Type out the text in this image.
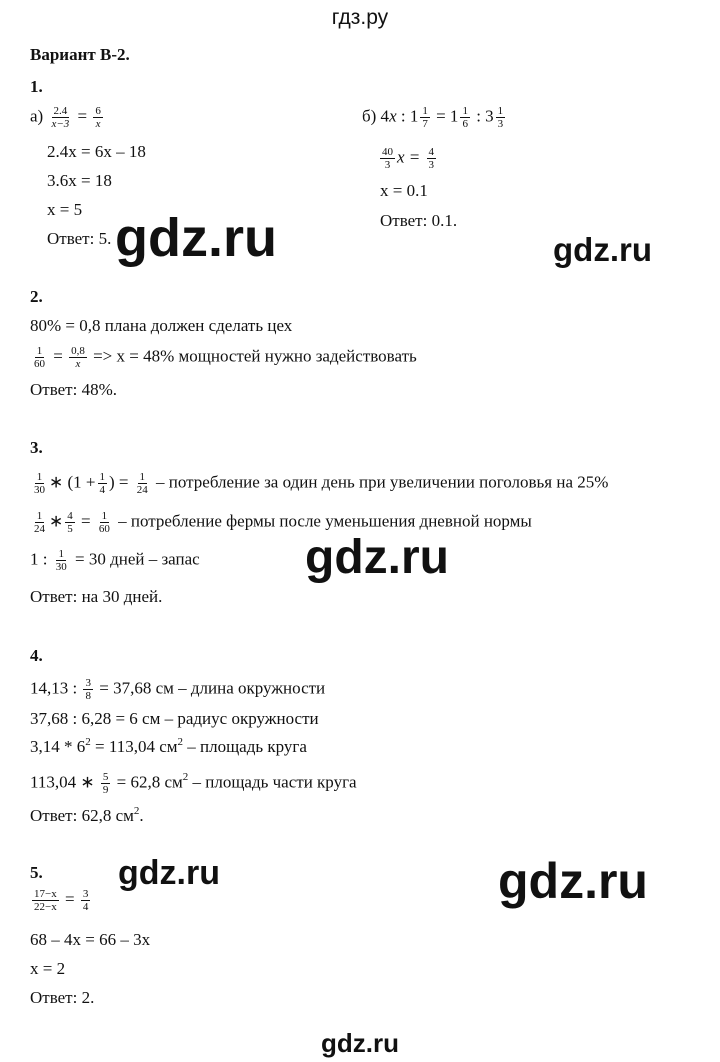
гдз.ру
Вариант В-2.
1.
$а) \frac{2.4}{x-3} = \frac{6}{x}$
2.4x = 6x – 18
3.6x = 18
x = 5
Ответ: 5.
б) 4x : $1 \frac{1}{7} = 1 \frac{1}{6}$ : $3 \frac{1}{3}$
$\frac{40}{3}$ $x = \frac{4}{3}$
x = 0.1
Ответ: 0.1.
gdz.ru	gdz.ru
2.
80% = 0,8 плана должен сделать цех
$\frac{1}{60} = \frac{0,8}{x} => x = 48\%$ мощностей нужно задействовать
Ответ: 48%.
3.
$\frac{1}{30}$ ∗ ($1 + \frac{1}{4}$ ) = $\frac{1}{24}$ – потребление за один день при увеличении поголовья на 25%
$\frac{1}{24}$ ∗ $\frac{4}{5} = \frac{1}{60}$ – потребление фермы после уменьшения дневной нормы
1 : $\frac{1}{30} = 30$ дней – запас
Ответ: на 30 дней.
gdz.ru
4.
14,13 : $\frac{3}{8} = 37,68$ см – длина окружности
37,68 : 6,28 = 6 см – радиус окружности
$3,14 * 6^2 = 113,04$ $см^2$ – площадь круга
113,04 ∗ $\frac{5}{9} = 62,8$ $см^2$ – площадь части круга
Ответ: 62,8 $см^2$.
5.
$\frac{17-x}{22-x} = \frac{3}{4}$
68 – 4x = 66 – 3x
x = 2
Ответ: 2.
gdz.ru	gdz.ru
gdz.ru
